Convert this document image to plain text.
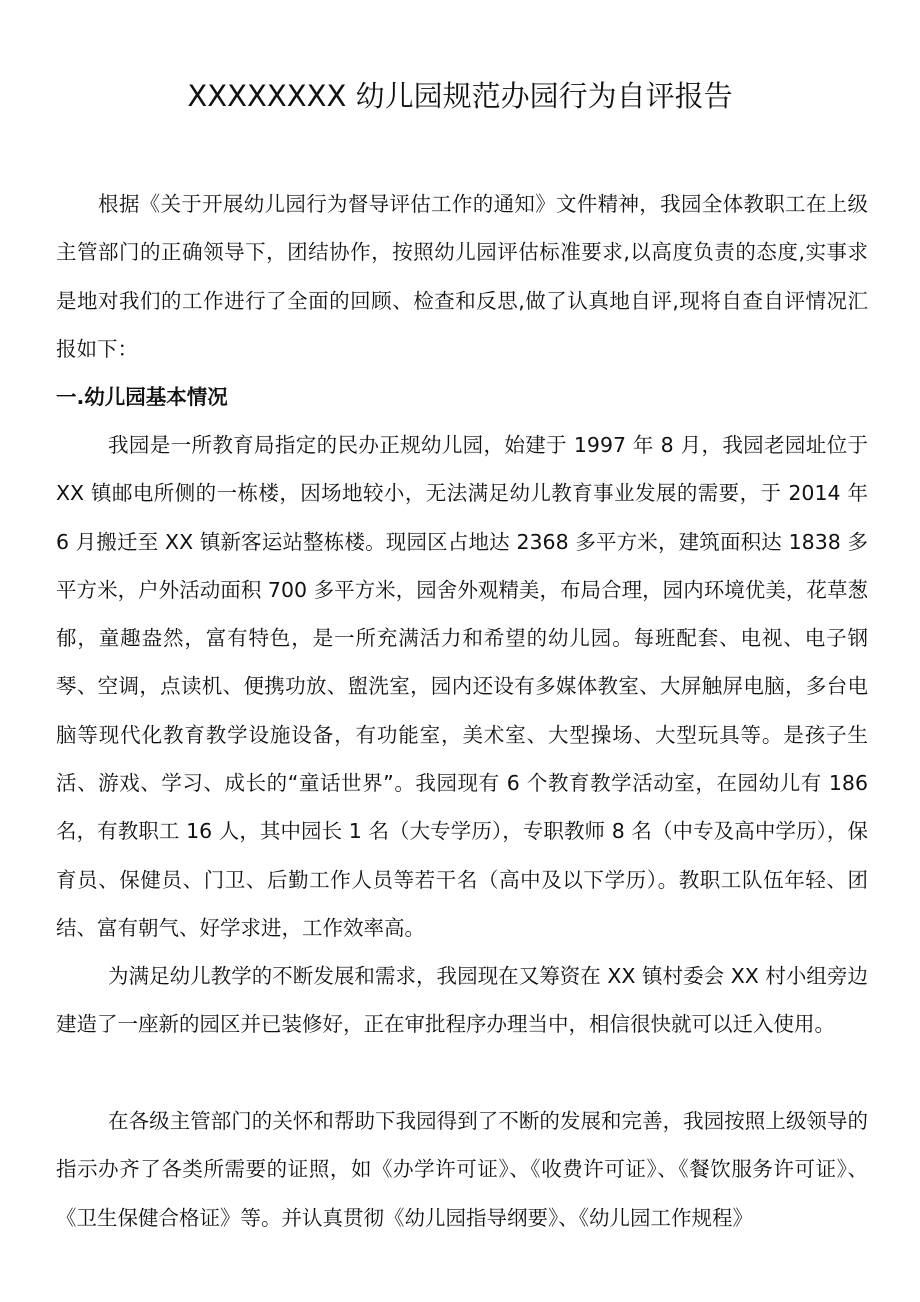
XXXXXXXX 幼儿园规范办园行为自评报告

根据《关于开展幼儿园行为督导评估工作的通知》文件精神，我园全体教职工在上级主管部门的正确领导下，团结协作，按照幼儿园评估标准要求,以高度负责的态度,实事求是地对我们的工作进行了全面的回顾、检查和反思,做了认真地自评,现将自查自评情况汇报如下：

一.幼儿园基本情况

我园是一所教育局指定的民办正规幼儿园，始建于 1997 年 8 月，我园老园址位于 XX 镇邮电所侧的一栋楼，因场地较小，无法满足幼儿教育事业发展的需要，于 2014 年 6 月搬迁至 XX 镇新客运站整栋楼。现园区占地达 2368 多平方米，建筑面积达 1838 多平方米，户外活动面积 700 多平方米，园舍外观精美，布局合理，园内环境优美，花草葱郁，童趣盎然，富有特色，是一所充满活力和希望的幼儿园。每班配套、电视、电子钢琴、空调，点读机、便携功放、盥洗室，园内还设有多媒体教室、大屏触屏电脑，多台电脑等现代化教育教学设施设备，有功能室，美术室、大型操场、大型玩具等。是孩子生活、游戏、学习、成长的“童话世界”。我园现有 6 个教育教学活动室，在园幼儿有 186 名，有教职工 16 人，其中园长 1 名（大专学历），专职教师 8 名（中专及高中学历），保育员、保健员、门卫、后勤工作人员等若干名（高中及以下学历）。教职工队伍年轻、团结、富有朝气、好学求进，工作效率高。

为满足幼儿教学的不断发展和需求，我园现在又筹资在 XX 镇村委会 XX 村小组旁边建造了一座新的园区并已装修好，正在审批程序办理当中，相信很快就可以迁入使用。

在各级主管部门的关怀和帮助下我园得到了不断的发展和完善，我园按照上级领导的指示办齐了各类所需要的证照，如《办学许可证》、《收费许可证》、《餐饮服务许可证》、《卫生保健合格证》等。并认真贯彻《幼儿园指导纲要》、《幼儿园工作规程》
